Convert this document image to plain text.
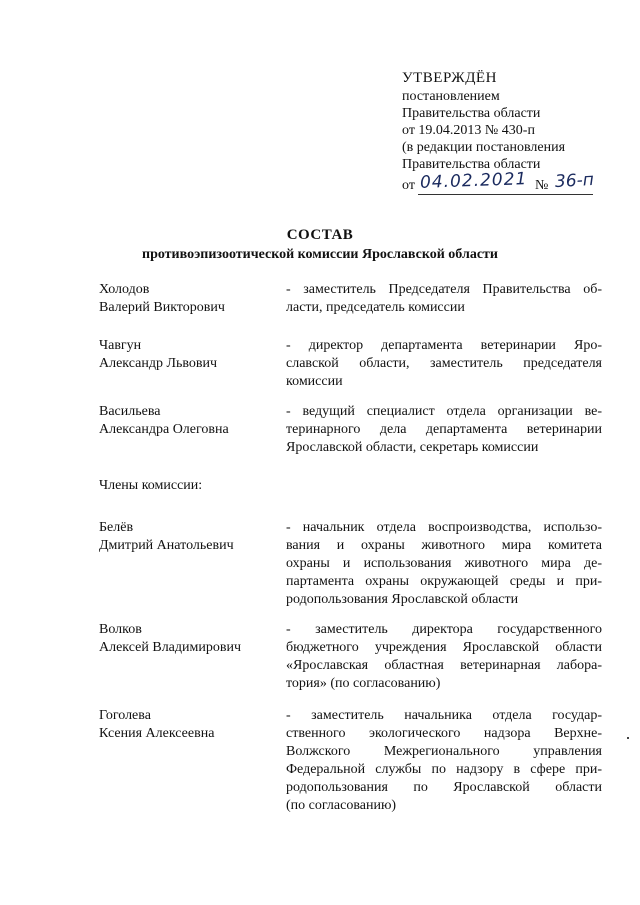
УТВЕРЖДЁН
постановлением
Правительства области
от 19.04.2013 № 430-п
(в редакции постановления
Правительства области
от 04.02.2021 № 36-п
СОСТАВ
противоэпизоотической комиссии Ярославской области
Холодов
Валерий Викторович
- заместитель Председателя Правительства об-
ласти, председатель комиссии
Чавгун
Александр Львович
- директор департамента ветеринарии Яро-
славской области, заместитель председателя
комиссии
Васильева
Александра Олеговна
- ведущий специалист отдела организации ве-
теринарного дела департамента ветеринарии
Ярославской области, секретарь комиссии
Члены комиссии:
Белёв
Дмитрий Анатольевич
- начальник отдела воспроизводства, использо-
вания и охраны животного мира комитета
охраны и использования животного мира де-
партамента охраны окружающей среды и при-
родопользования Ярославской области
Волков
Алексей Владимирович
- заместитель директора государственного
бюджетного учреждения Ярославской области
«Ярославская областная ветеринарная лабора-
тория» (по согласованию)
Гоголева
Ксения Алексеевна
- заместитель начальника отдела государ-
ственного экологического надзора Верхне-
Волжского Межрегионального управления
Федеральной службы по надзору в сфере при-
родопользования по Ярославской области
(по согласованию)
